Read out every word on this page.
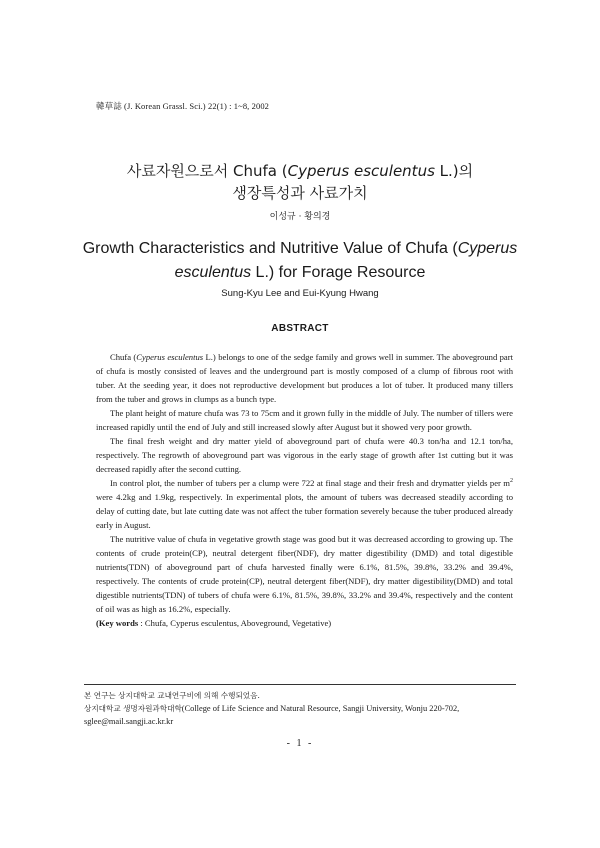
韓草誌 (J. Korean Grassl. Sci.) 22(1) : 1~8, 2002
사료자원으로서 Chufa (Cyperus esculentus L.)의
생장특성과 사료가치
이성규 · 황의경
Growth Characteristics and Nutritive Value of Chufa (Cyperus
esculentus L.) for Forage Resource
Sung-Kyu Lee and Eui-Kyung Hwang
ABSTRACT

Chufa (Cyperus esculentus L.) belongs to one of the sedge family and grows well in summer. The aboveground part of chufa is mostly consisted of leaves and the underground part is mostly composed of a clump of fibrous root with tuber. At the seeding year, it does not reproductive development but produces a lot of tuber. It produced many tillers from the tuber and grows in clumps as a bunch type.

The plant height of mature chufa was 73 to 75cm and it grown fully in the middle of July. The number of tillers were increased rapidly until the end of July and still increased slowly after August but it showed very poor growth.

The final fresh weight and dry matter yield of aboveground part of chufa were 40.3 ton/ha and 12.1 ton/ha, respectively. The regrowth of aboveground part was vigorous in the early stage of growth after 1st cutting but it was decreased rapidly after the second cutting.

In control plot, the number of tubers per a clump were 722 at final stage and their fresh and drymatter yields per $m^2$ were 4.2kg and 1.9kg, respectively. In experimental plots, the amount of tubers was decreased steadily according to delay of cutting date, but late cutting date was not affect the tuber formation severely because the tuber produced already early in August.

The nutritive value of chufa in vegetative growth stage was good but it was decreased according to growing up. The contents of crude protein(CP), neutral detergent fiber(NDF), dry matter digestibility (DMD) and total digestible nutrients(TDN) of aboveground part of chufa harvested finally were 6.1%, 81.5%, 39.8%, 33.2% and 39.4%, respectively. The contents of crude protein(CP), neutral detergent fiber(NDF), dry matter digestibility(DMD) and total digestible nutrients(TDN) of tubers of chufa were 6.1%, 81.5%, 39.8%, 33.2% and 39.4%, respectively and the content of oil was as high as 16.2%, especially.

(Key words : Chufa, Cyperus esculentus, Aboveground, Vegetative)

본 연구는 상지대학교 교내연구비에 의해 수행되었음.
상지대학교 생명자원과학대학(College of Life Science and Natural Resource, Sangji University, Wonju 220-702,
sglee@mail.sangji.ac.kr.kr
- 1 -
